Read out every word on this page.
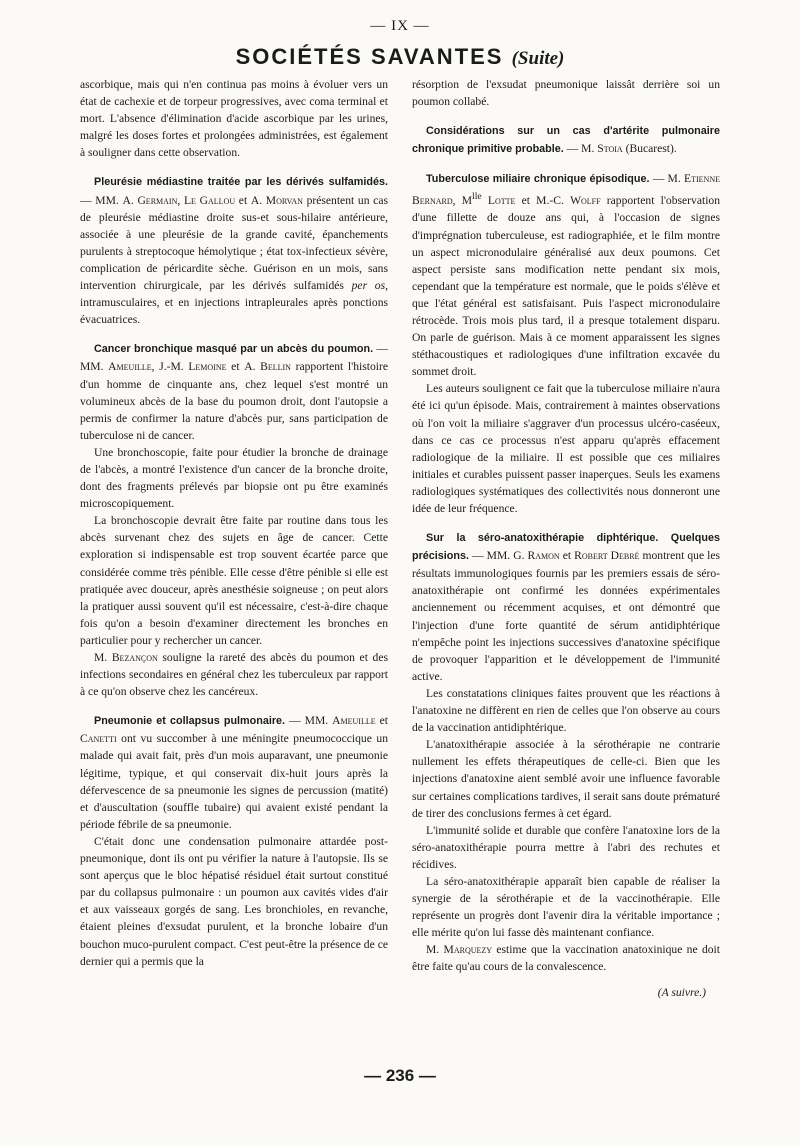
— IX —
SOCIÉTÉS SAVANTES (Suite)

ascorbique, mais qui n'en continua pas moins à évoluer vers un état de cachexie et de torpeur progressives, avec coma terminal et mort. L'absence d'élimination d'acide ascorbique par les urines, malgré les doses fortes et prolongées administrées, est également à souligner dans cette observation.

Pleurésie médiastine traitée par les dérivés sulfamidés. — MM. A. Germain, Le Gallou et A. Morvan présentent un cas de pleurésie médiastine droite sus-et sous-hilaire antérieure, associée à une pleurésie de la grande cavité, épanchements purulents à streptocoque hémolytique ; état tox-infectieux sévère, complication de péricardite sèche. Guérison en un mois, sans intervention chirurgicale, par les dérivés sulfamidés per os, intramusculaires, et en injections intrapleurales après ponctions évacuatrices.

Cancer bronchique masqué par un abcès du poumon. — MM. Ameuille, J.-M. Lemoine et A. Bellin rapportent l'histoire d'un homme de cinquante ans, chez lequel s'est montré un volumineux abcès de la base du poumon droit, dont l'autopsie a permis de confirmer la nature d'abcès pur, sans participation de tuberculose ni de cancer.

Une bronchoscopie, faite pour étudier la bronche de drainage de l'abcès, a montré l'existence d'un cancer de la bronche droite, dont des fragments prélevés par biopsie ont pu être examinés microscopiquement.

La bronchoscopie devrait être faite par routine dans tous les abcès survenant chez des sujets en âge de cancer. Cette exploration si indispensable est trop souvent écartée parce que considérée comme très pénible. Elle cesse d'être pénible si elle est pratiquée avec douceur, après anesthésie soigneuse ; on peut alors la pratiquer aussi souvent qu'il est nécessaire, c'est-à-dire chaque fois qu'on a besoin d'examiner directement les bronches en particulier pour y rechercher un cancer.

M. Bezançon souligne la rareté des abcès du poumon et des infections secondaires en général chez les tuberculeux par rapport à ce qu'on observe chez les cancéreux.

Pneumonie et collapsus pulmonaire. — MM. Ameuille et Canetti ont vu succomber à une méningite pneumococcique un malade qui avait fait, près d'un mois auparavant, une pneumonie légitime, typique, et qui conservait dix-huit jours après la défervescence de sa pneumonie les signes de percussion (matité) et d'auscultation (souffle tubaire) qui avaient existé pendant la période fébrile de sa pneumonie.

C'était donc une condensation pulmonaire attardée post-pneumonique, dont ils ont pu vérifier la nature à l'autopsie. Ils se sont aperçus que le bloc hépatisé résiduel était surtout constitué par du collapsus pulmonaire : un poumon aux cavités vides d'air et aux vaisseaux gorgés de sang. Les bronchioles, en revanche, étaient pleines d'exsudat purulent, et la bronche lobaire d'un bouchon muco-purulent compact. C'est peut-être la présence de ce dernier qui a permis que la

résorption de l'exsudat pneumonique laissât derrière soi un poumon collabé.

Considérations sur un cas d'artérite pulmonaire chronique primitive probable. — M. Stoia (Bucarest).

Tuberculose miliaire chronique épisodique. — M. Etienne Bernard, $M^{lle}$ Lotte et M.-C. Wolff rapportent l'observation d'une fillette de douze ans qui, à l'occasion de signes d'imprégnation tuberculeuse, est radiographiée, et le film montre un aspect micronodulaire généralisé aux deux poumons. Cet aspect persiste sans modification nette pendant six mois, cependant que la température est normale, que le poids s'élève et que l'état général est satisfaisant. Puis l'aspect micronodulaire rétrocède. Trois mois plus tard, il a presque totalement disparu. On parle de guérison. Mais à ce moment apparaissent les signes stéthacoustiques et radiologiques d'une infiltration excavée du sommet droit.

Les auteurs soulignent ce fait que la tuberculose miliaire n'aura été ici qu'un épisode. Mais, contrairement à maintes observations où l'on voit la miliaire s'aggraver d'un processus ulcéro-caséeux, dans ce cas ce processus n'est apparu qu'après effacement radiologique de la miliaire. Il est possible que ces miliaires initiales et curables puissent passer inaperçues. Seuls les examens radiologiques systématiques des collectivités nous donneront une idée de leur fréquence.

Sur la séro-anatoxithérapie diphtérique. Quelques précisions. — MM. G. Ramon et Robert Debré montrent que les résultats immunologiques fournis par les premiers essais de séro-anatoxithérapie ont confirmé les données expérimentales anciennement ou récemment acquises, et ont démontré que l'injection d'une forte quantité de sérum antidiphtérique n'empêche point les injections successives d'anatoxine spécifique de provoquer l'apparition et le développement de l'immunité active.

Les constatations cliniques faites prouvent que les réactions à l'anatoxine ne diffèrent en rien de celles que l'on observe au cours de la vaccination antidiphtérique.

L'anatoxithérapie associée à la sérothérapie ne contrarie nullement les effets thérapeutiques de celle-ci. Bien que les injections d'anatoxine aient semblé avoir une influence favorable sur certaines complications tardives, il serait sans doute prématuré de tirer des conclusions fermes à cet égard.

L'immunité solide et durable que confère l'anatoxine lors de la séro-anatoxithérapie pourra mettre à l'abri des rechutes et récidives.

La séro-anatoxithérapie apparaît bien capable de réaliser la synergie de la sérothérapie et de la vaccinothérapie. Elle représente un progrès dont l'avenir dira la véritable importance ; elle mérite qu'on lui fasse dès maintenant confiance.

M. Marquezy estime que la vaccination anatoxinique ne doit être faite qu'au cours de la convalescence.

(A suivre.)
— 236 —
